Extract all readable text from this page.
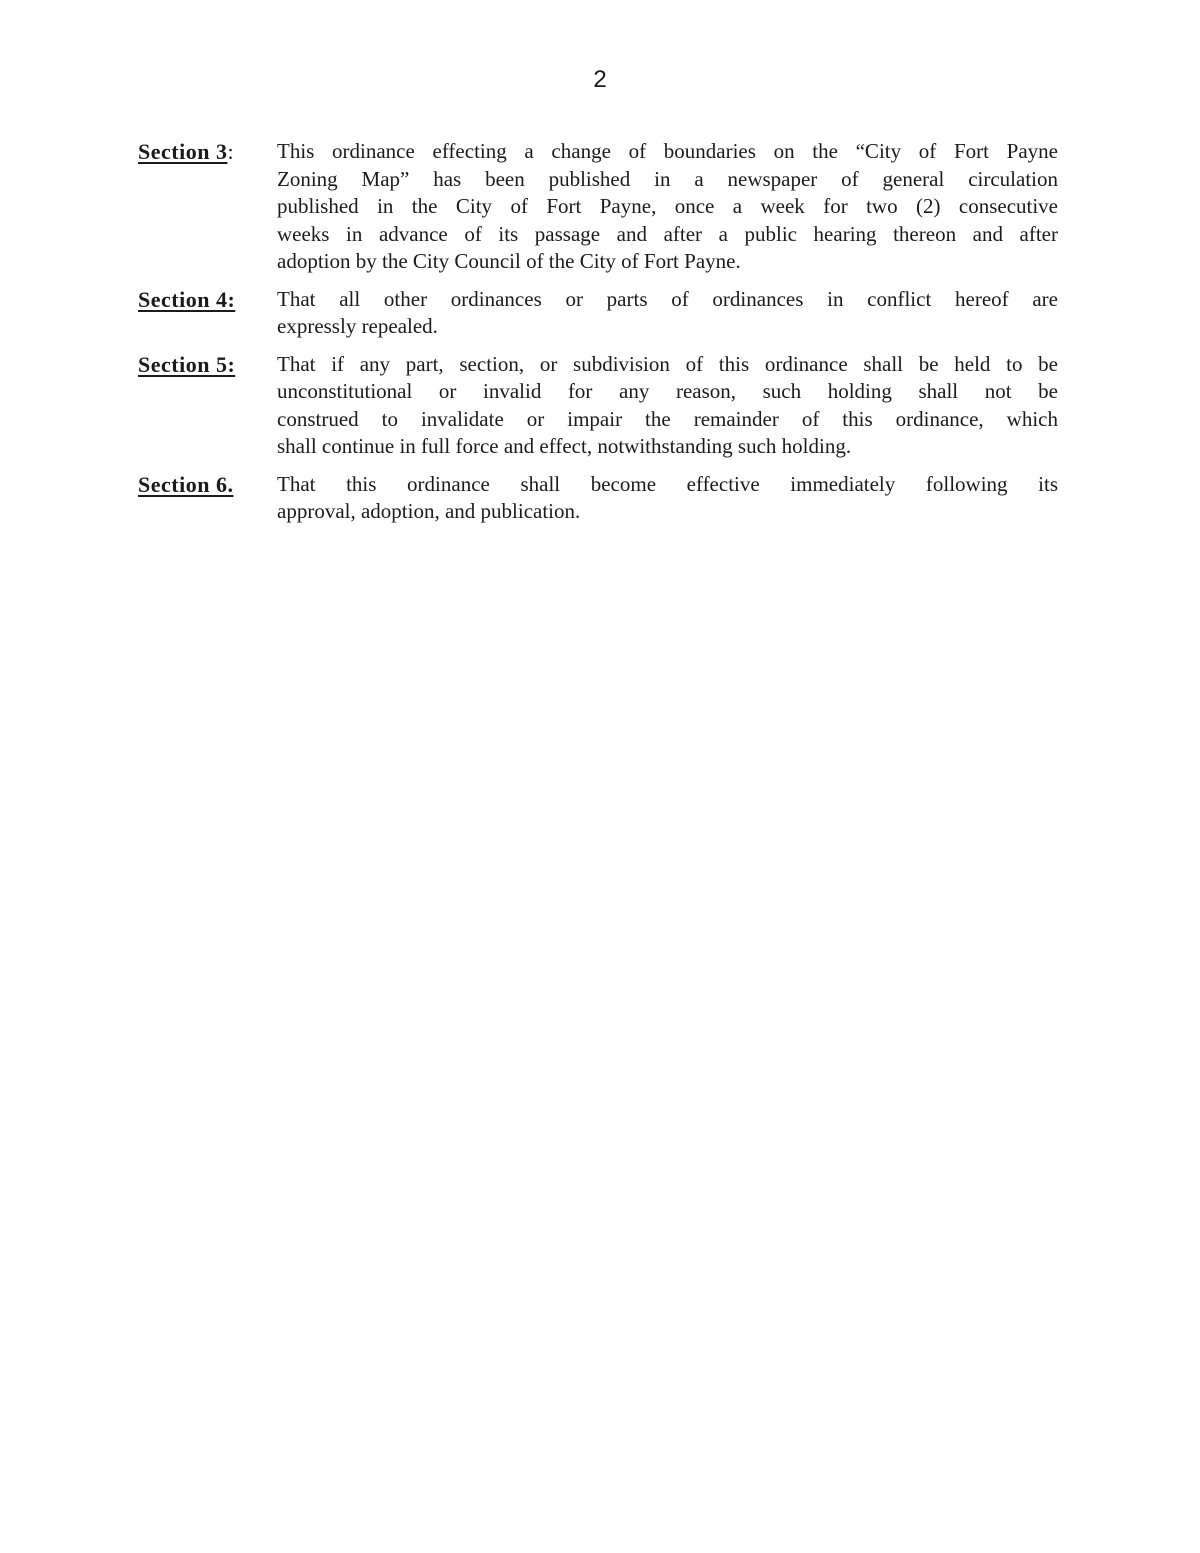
2
Section 3:	This ordinance effecting a change of boundaries on the “City of Fort Payne
Zoning Map” has been published in a newspaper of general circulation
published in the City of Fort Payne, once a week for two (2) consecutive
weeks in advance of its passage and after a public hearing thereon and after
adoption by the City Council of the City of Fort Payne.
Section 4:	That all other ordinances or parts of ordinances in conflict hereof are
expressly repealed.
Section 5:	That if any part, section, or subdivision of this ordinance shall be held to be
unconstitutional or invalid for any reason, such holding shall not be
construed to invalidate or impair the remainder of this ordinance, which
shall continue in full force and effect, notwithstanding such holding.
Section 6.	That this ordinance shall become effective immediately following its
approval, adoption, and publication.
